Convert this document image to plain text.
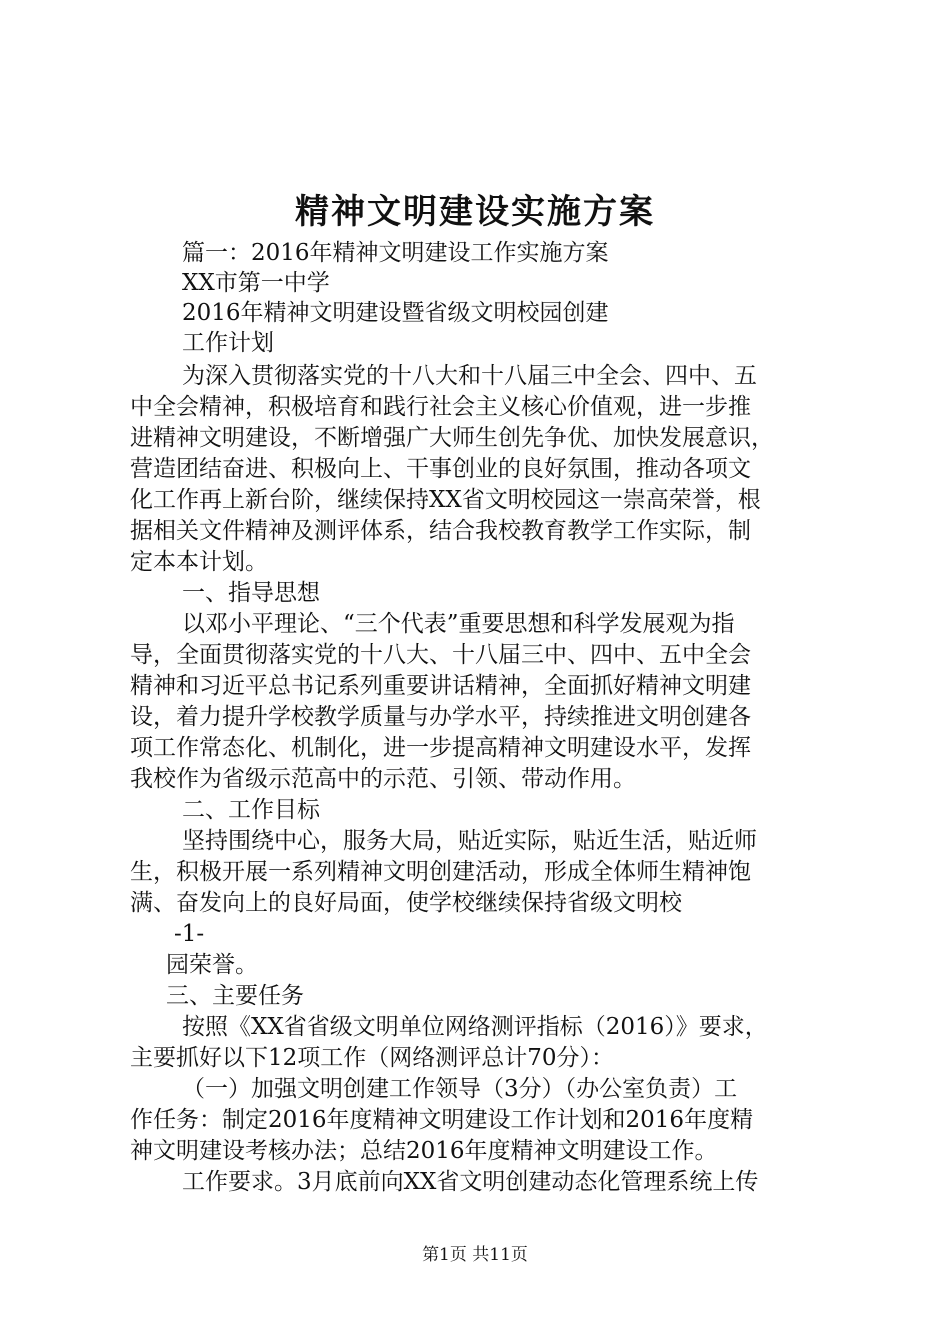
精神文明建设实施方案
篇一：2016年精神文明建设工作实施方案
XX市第一中学
2016年精神文明建设暨省级文明校园创建
工作计划
为深入贯彻落实党的十八大和十八届三中全会、四中、五
中全会精神，积极培育和践行社会主义核心价值观，进一步推
进精神文明建设，不断增强广大师生创先争优、加快发展意识，
营造团结奋进、积极向上、干事创业的良好氛围，推动各项文
化工作再上新台阶，继续保持XX省文明校园这一崇高荣誉，根
据相关文件精神及测评体系，结合我校教育教学工作实际，制
定本本计划。
一、指导思想
以邓小平理论、“三个代表”重要思想和科学发展观为指
导，全面贯彻落实党的十八大、十八届三中、四中、五中全会
精神和习近平总书记系列重要讲话精神，全面抓好精神文明建
设，着力提升学校教学质量与办学水平，持续推进文明创建各
项工作常态化、机制化，进一步提高精神文明建设水平，发挥
我校作为省级示范高中的示范、引领、带动作用。
二、工作目标
坚持围绕中心，服务大局，贴近实际，贴近生活，贴近师
生，积极开展一系列精神文明创建活动，形成全体师生精神饱
满、奋发向上的良好局面，使学校继续保持省级文明校
-1-
园荣誉。
三、主要任务
按照《XX省省级文明单位网络测评指标（2016）》要求，
主要抓好以下12项工作（网络测评总计70分）：
（一）加强文明创建工作领导（3分）（办公室负责）工
作任务：制定2016年度精神文明建设工作计划和2016年度精
神文明建设考核办法；总结2016年度精神文明建设工作。
工作要求。3月底前向XX省文明创建动态化管理系统上传
第1页 共11页
